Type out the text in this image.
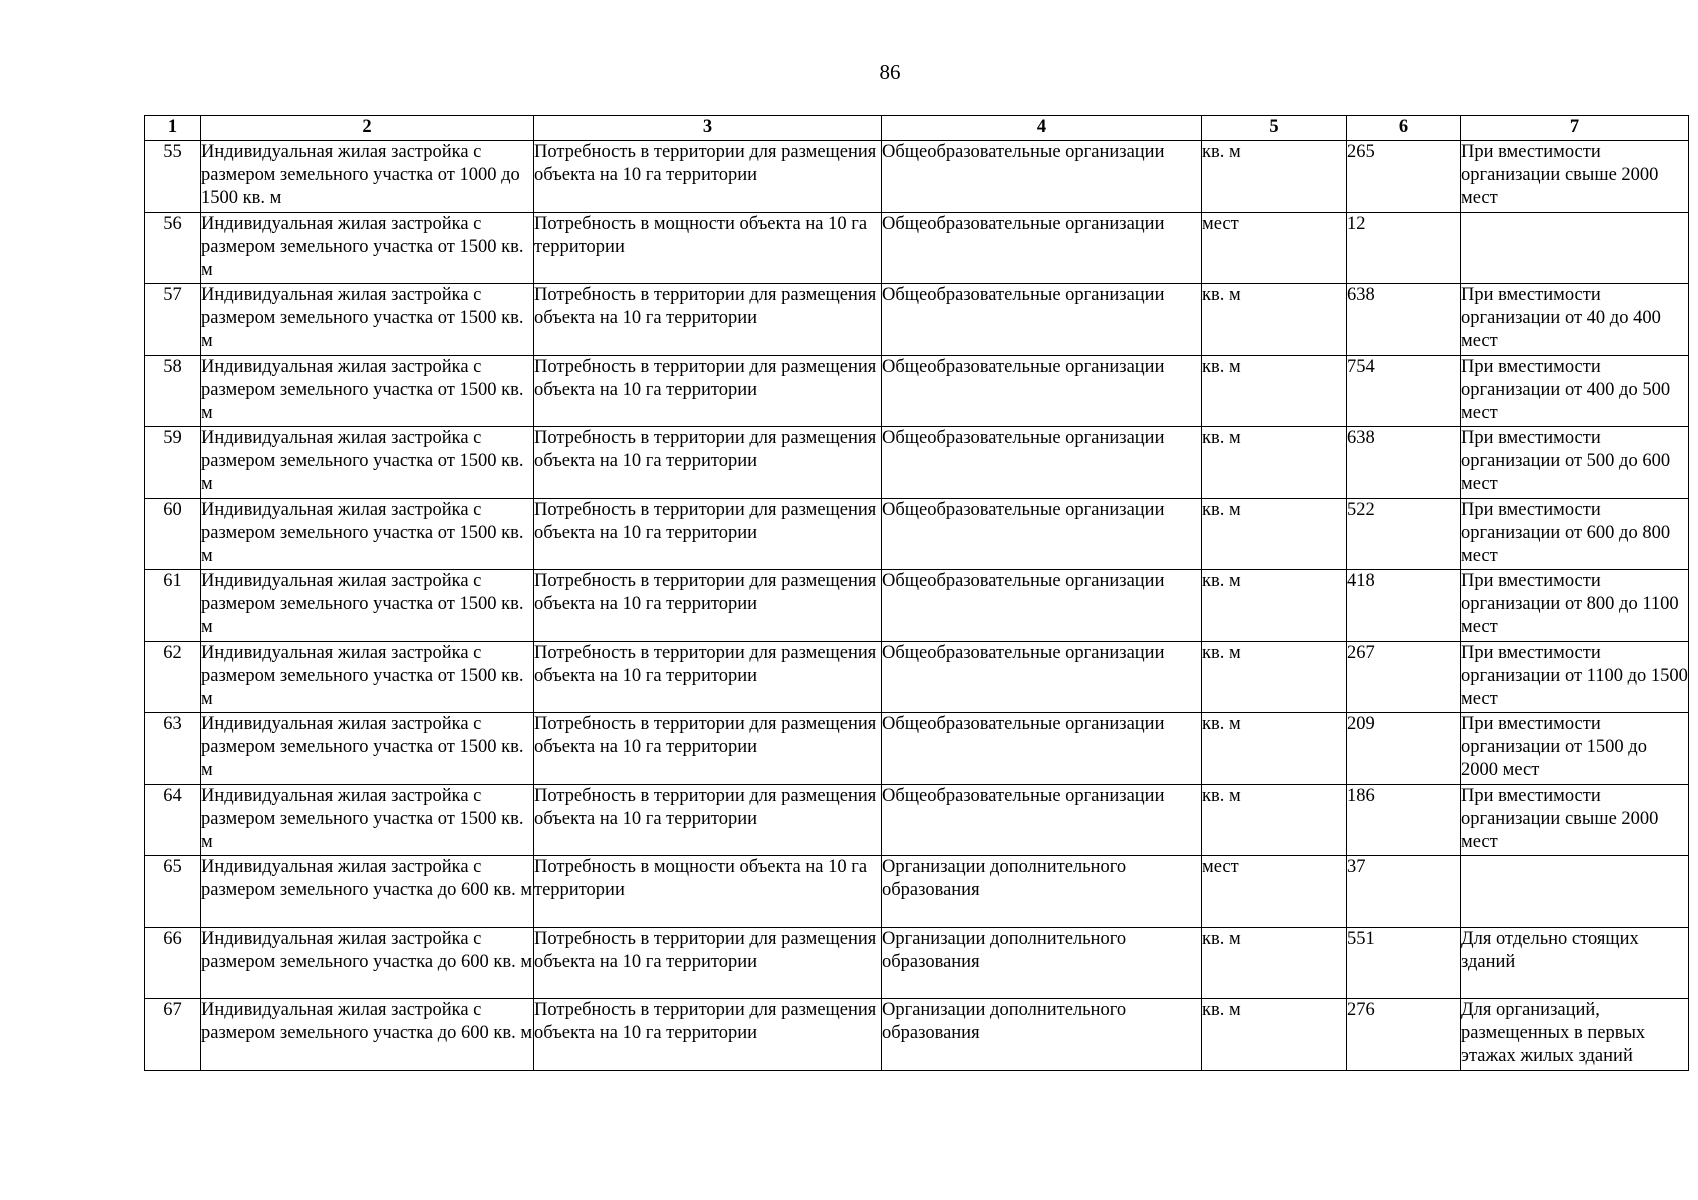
86
1	2	3	4	5	6	7
55	Индивидуальная жилая застройка с размером земельного участка от 1000 до 1500 кв. м	Потребность в территории для размещения объекта на 10 га территории	Общеобразовательные организации	кв. м	265	При вместимости организации свыше 2000 мест
56	Индивидуальная жилая застройка с размером земельного участка от 1500 кв. м	Потребность в мощности объекта на 10 га территории	Общеобразовательные организации	мест	12	
57	Индивидуальная жилая застройка с размером земельного участка от 1500 кв. м	Потребность в территории для размещения объекта на 10 га территории	Общеобразовательные организации	кв. м	638	При вместимости организации от 40 до 400 мест
58	Индивидуальная жилая застройка с размером земельного участка от 1500 кв. м	Потребность в территории для размещения объекта на 10 га территории	Общеобразовательные организации	кв. м	754	При вместимости организации от 400 до 500 мест
59	Индивидуальная жилая застройка с размером земельного участка от 1500 кв. м	Потребность в территории для размещения объекта на 10 га территории	Общеобразовательные организации	кв. м	638	При вместимости организации от 500 до 600 мест
60	Индивидуальная жилая застройка с размером земельного участка от 1500 кв. м	Потребность в территории для размещения объекта на 10 га территории	Общеобразовательные организации	кв. м	522	При вместимости организации от 600 до 800 мест
61	Индивидуальная жилая застройка с размером земельного участка от 1500 кв. м	Потребность в территории для размещения объекта на 10 га территории	Общеобразовательные организации	кв. м	418	При вместимости организации от 800 до 1100 мест
62	Индивидуальная жилая застройка с размером земельного участка от 1500 кв. м	Потребность в территории для размещения объекта на 10 га территории	Общеобразовательные организации	кв. м	267	При вместимости организации от 1100 до 1500 мест
63	Индивидуальная жилая застройка с размером земельного участка от 1500 кв. м	Потребность в территории для размещения объекта на 10 га территории	Общеобразовательные организации	кв. м	209	При вместимости организации от 1500 до 2000 мест
64	Индивидуальная жилая застройка с размером земельного участка от 1500 кв. м	Потребность в территории для размещения объекта на 10 га территории	Общеобразовательные организации	кв. м	186	При вместимости организации свыше 2000 мест
65	Индивидуальная жилая застройка с размером земельного участка до 600 кв. м	Потребность в мощности объекта на 10 га территории	Организации дополнительного образования	мест	37	
66	Индивидуальная жилая застройка с размером земельного участка до 600 кв. м	Потребность в территории для размещения объекта на 10 га территории	Организации дополнительного образования	кв. м	551	Для отдельно стоящих зданий
67	Индивидуальная жилая застройка с размером земельного участка до 600 кв. м	Потребность в территории для размещения объекта на 10 га территории	Организации дополнительного образования	кв. м	276	Для организаций, размещенных в первых этажах жилых зданий
